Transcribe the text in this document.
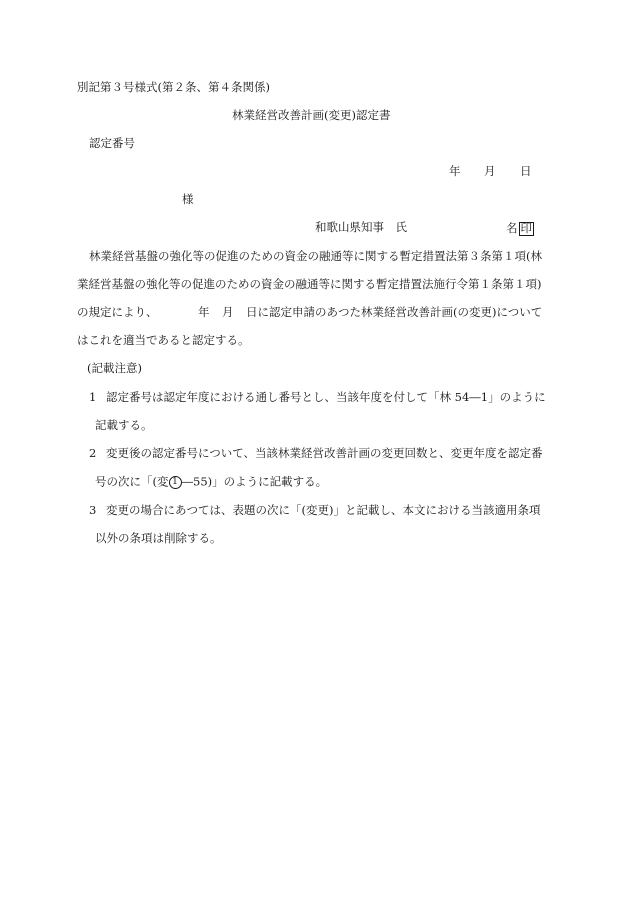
別記第３号様式(第２条、第４条関係)
林業経営改善計画(変更)認定書
認定番号
年 月 日
様
和歌山県知事　氏	名 印
林業経営基盤の強化等の促進のための資金の融通等に関する暫定措置法第３条第１項(林
業経営基盤の強化等の促進のための資金の融通等に関する暫定措置法施行令第１条第１項)
の規定により、	年 月 日に認定申請のあつた林業経営改善計画(の変更)について
はこれを適当であると認定する。
(記載注意)
1 認定番号は認定年度における通し番号とし、当該年度を付して「林 54―1」のように
記載する。
2 変更後の認定番号について、当該林業経営改善計画の変更回数と、変更年度を認定番
号の次に「(変 1 ―55)」のように記載する。
3 変更の場合にあつては、表題の次に「(変更)」と記載し、本文における当該適用条項
以外の条項は削除する。
